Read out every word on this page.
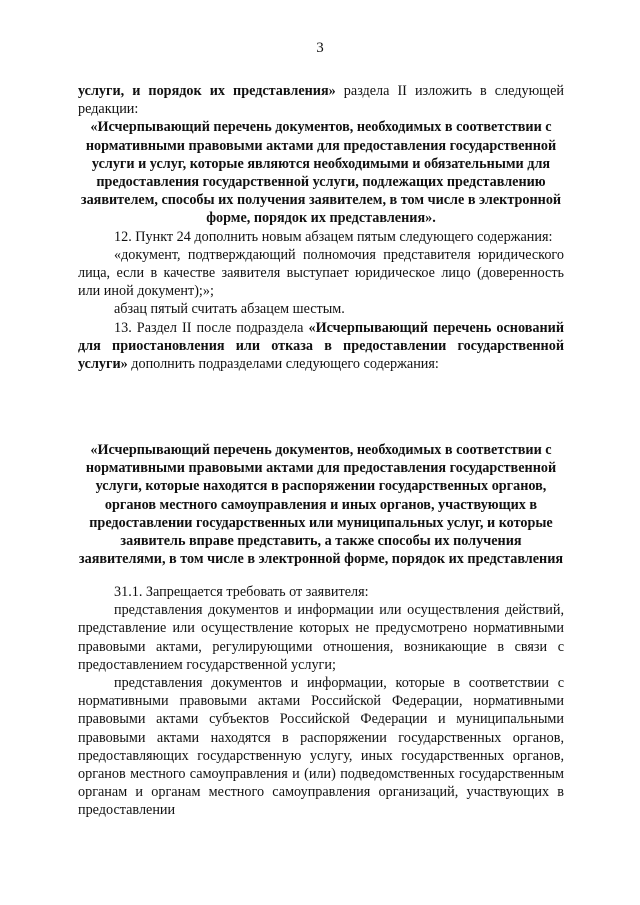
3

услуги, и порядок их представления» раздела II изложить в следующей редакции:

«Исчерпывающий перечень документов, необходимых в соответствии с нормативными правовыми актами для предоставления государственной услуги и услуг, которые являются необходимыми и обязательными для предоставления государственной услуги, подлежащих представлению заявителем, способы их получения заявителем, в том числе в электронной форме, порядок их представления».

12. Пункт 24 дополнить новым абзацем пятым следующего содержания:

«документ, подтверждающий полномочия представителя юридического лица, если в качестве заявителя выступает юридическое лицо (доверенность или иной документ);»;

абзац пятый считать абзацем шестым.

13. Раздел II после подраздела «Исчерпывающий перечень оснований для приостановления или отказа в предоставлении государственной услуги» дополнить подразделами следующего содержания:

«Исчерпывающий перечень документов, необходимых в соответствии с нормативными правовыми актами для предоставления государственной услуги, которые находятся в распоряжении государственных органов, органов местного самоуправления и иных органов, участвующих в предоставлении государственных или муниципальных услуг, и которые заявитель вправе представить, а также способы их получения заявителями, в том числе в электронной форме, порядок их представления

31.1. Запрещается требовать от заявителя:

представления документов и информации или осуществления действий, представление или осуществление которых не предусмотрено нормативными правовыми актами, регулирующими отношения, возникающие в связи с предоставлением государственной услуги;

представления документов и информации, которые в соответствии с нормативными правовыми актами Российской Федерации, нормативными правовыми актами субъектов Российской Федерации и муниципальными правовыми актами находятся в распоряжении государственных органов, предоставляющих государственную услугу, иных государственных органов, органов местного самоуправления и (или) подведомственных государственным органам и органам местного самоуправления организаций, участвующих в предоставлении
